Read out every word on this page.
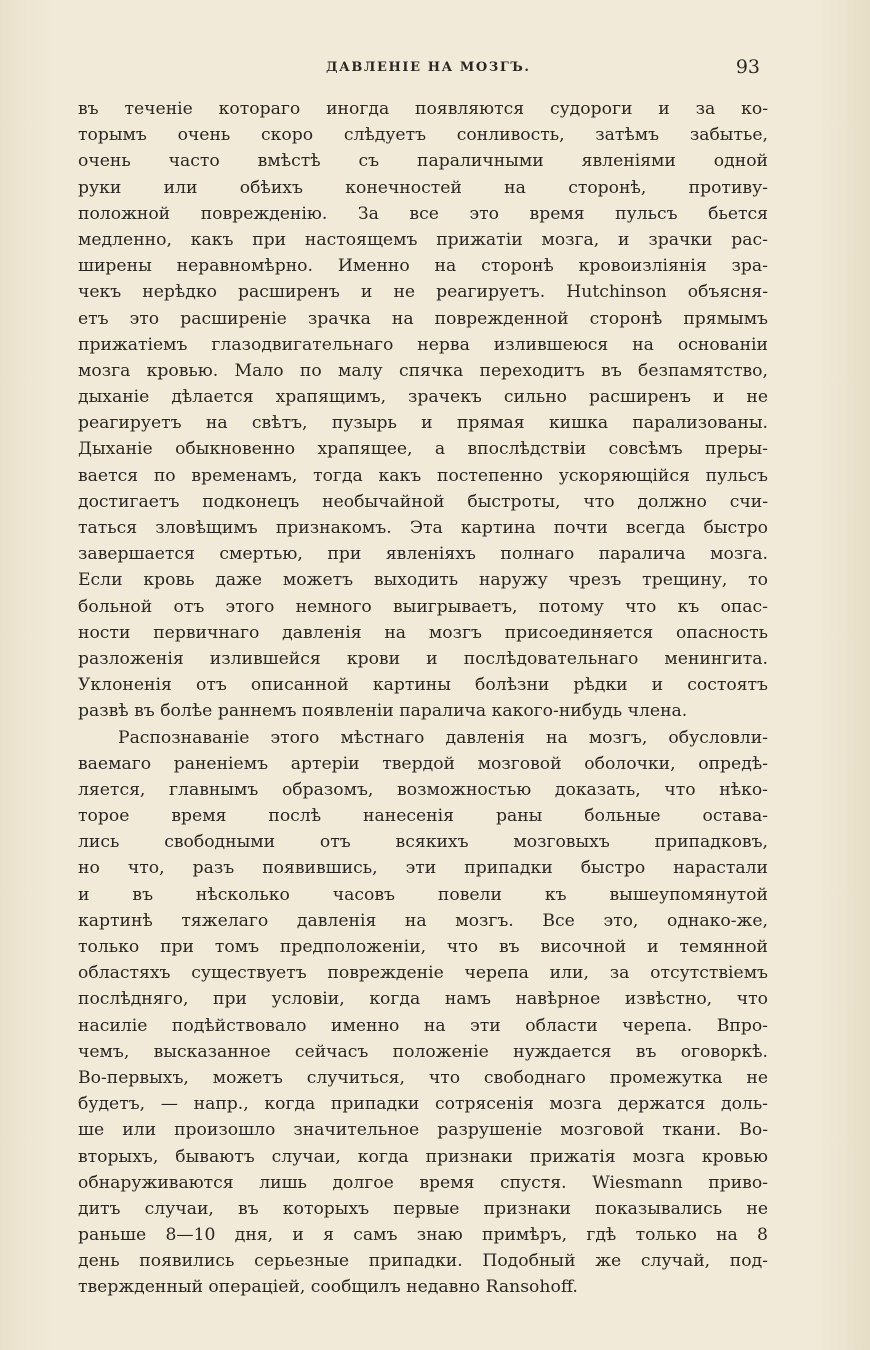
ДАВЛЕНІЕ НА МОЗГЪ.	93
въ теченіе котораго иногда появляются судороги и за ко-
торымъ очень скоро слѣдуетъ сонливость, затѣмъ забытье,
очень часто вмѣстѣ съ параличными явленіями одной
руки или обѣихъ конечностей на сторонѣ, противу-
положной поврежденію. За все это время пульсъ бьется
медленно, какъ при настоящемъ прижатіи мозга, и зрачки рас-
ширены неравномѣрно. Именно на сторонѣ кровоизліянія зра-
чекъ нерѣдко расширенъ и не реагируетъ. Hutchinson объясня-
етъ это расширеніе зрачка на поврежденной сторонѣ прямымъ
прижатіемъ глазодвигательнаго нерва излившеюся на основаніи
мозга кровью. Мало по малу спячка переходитъ въ безпамятство,
дыханіе дѣлается храпящимъ, зрачекъ сильно расширенъ и не
реагируетъ на свѣтъ, пузырь и прямая кишка парализованы.
Дыханіе обыкновенно храпящее, а впослѣдствіи совсѣмъ преры-
вается по временамъ, тогда какъ постепенно ускоряющійся пульсъ
достигаетъ подконецъ необычайной быстроты, что должно счи-
таться зловѣщимъ признакомъ. Эта картина почти всегда быстро
завершается смертью, при явленіяхъ полнаго паралича мозга.
Если кровь даже можетъ выходить наружу чрезъ трещину, то
больной отъ этого немного выигрываетъ, потому что къ опас-
ности первичнаго давленія на мозгъ присоединяется опасность
разложенія излившейся крови и послѣдовательнаго менингита.
Уклоненія отъ описанной картины болѣзни рѣдки и состоятъ
развѣ въ болѣе раннемъ появленіи паралича какого-нибудь члена.
Распознаваніе этого мѣстнаго давленія на мозгъ, обусловли-
ваемаго раненіемъ артеріи твердой мозговой оболочки, опредѣ-
ляется, главнымъ образомъ, возможностью доказать, что нѣко-
торое время послѣ нанесенія раны больные остава-
лись свободными отъ всякихъ мозговыхъ припадковъ,
но что, разъ появившись, эти припадки быстро нарастали
и въ нѣсколько часовъ повели къ вышеупомянутой
картинѣ тяжелаго давленія на мозгъ. Все это, однако-же,
только при томъ предположеніи, что въ височной и темянной
областяхъ существуетъ поврежденіе черепа или, за отсутствіемъ
послѣдняго, при условіи, когда намъ навѣрное извѣстно, что
насиліе подѣйствовало именно на эти области черепа. Впро-
чемъ, высказанное сейчасъ положеніе нуждается въ оговоркѣ.
Во-первыхъ, можетъ случиться, что свободнаго промежутка не
будетъ, — напр., когда припадки сотрясенія мозга держатся доль-
ше или произошло значительное разрушеніе мозговой ткани. Во-
вторыхъ, бываютъ случаи, когда признаки прижатія мозга кровью
обнаруживаются лишь долгое время спустя. Wiesmann приво-
дитъ случаи, въ которыхъ первые признаки показывались не
раньше 8—10 дня, и я самъ знаю примѣръ, гдѣ только на 8
день появились серьезные припадки. Подобный же случай, под-
твержденный операціей, сообщилъ недавно Ransohoff.
